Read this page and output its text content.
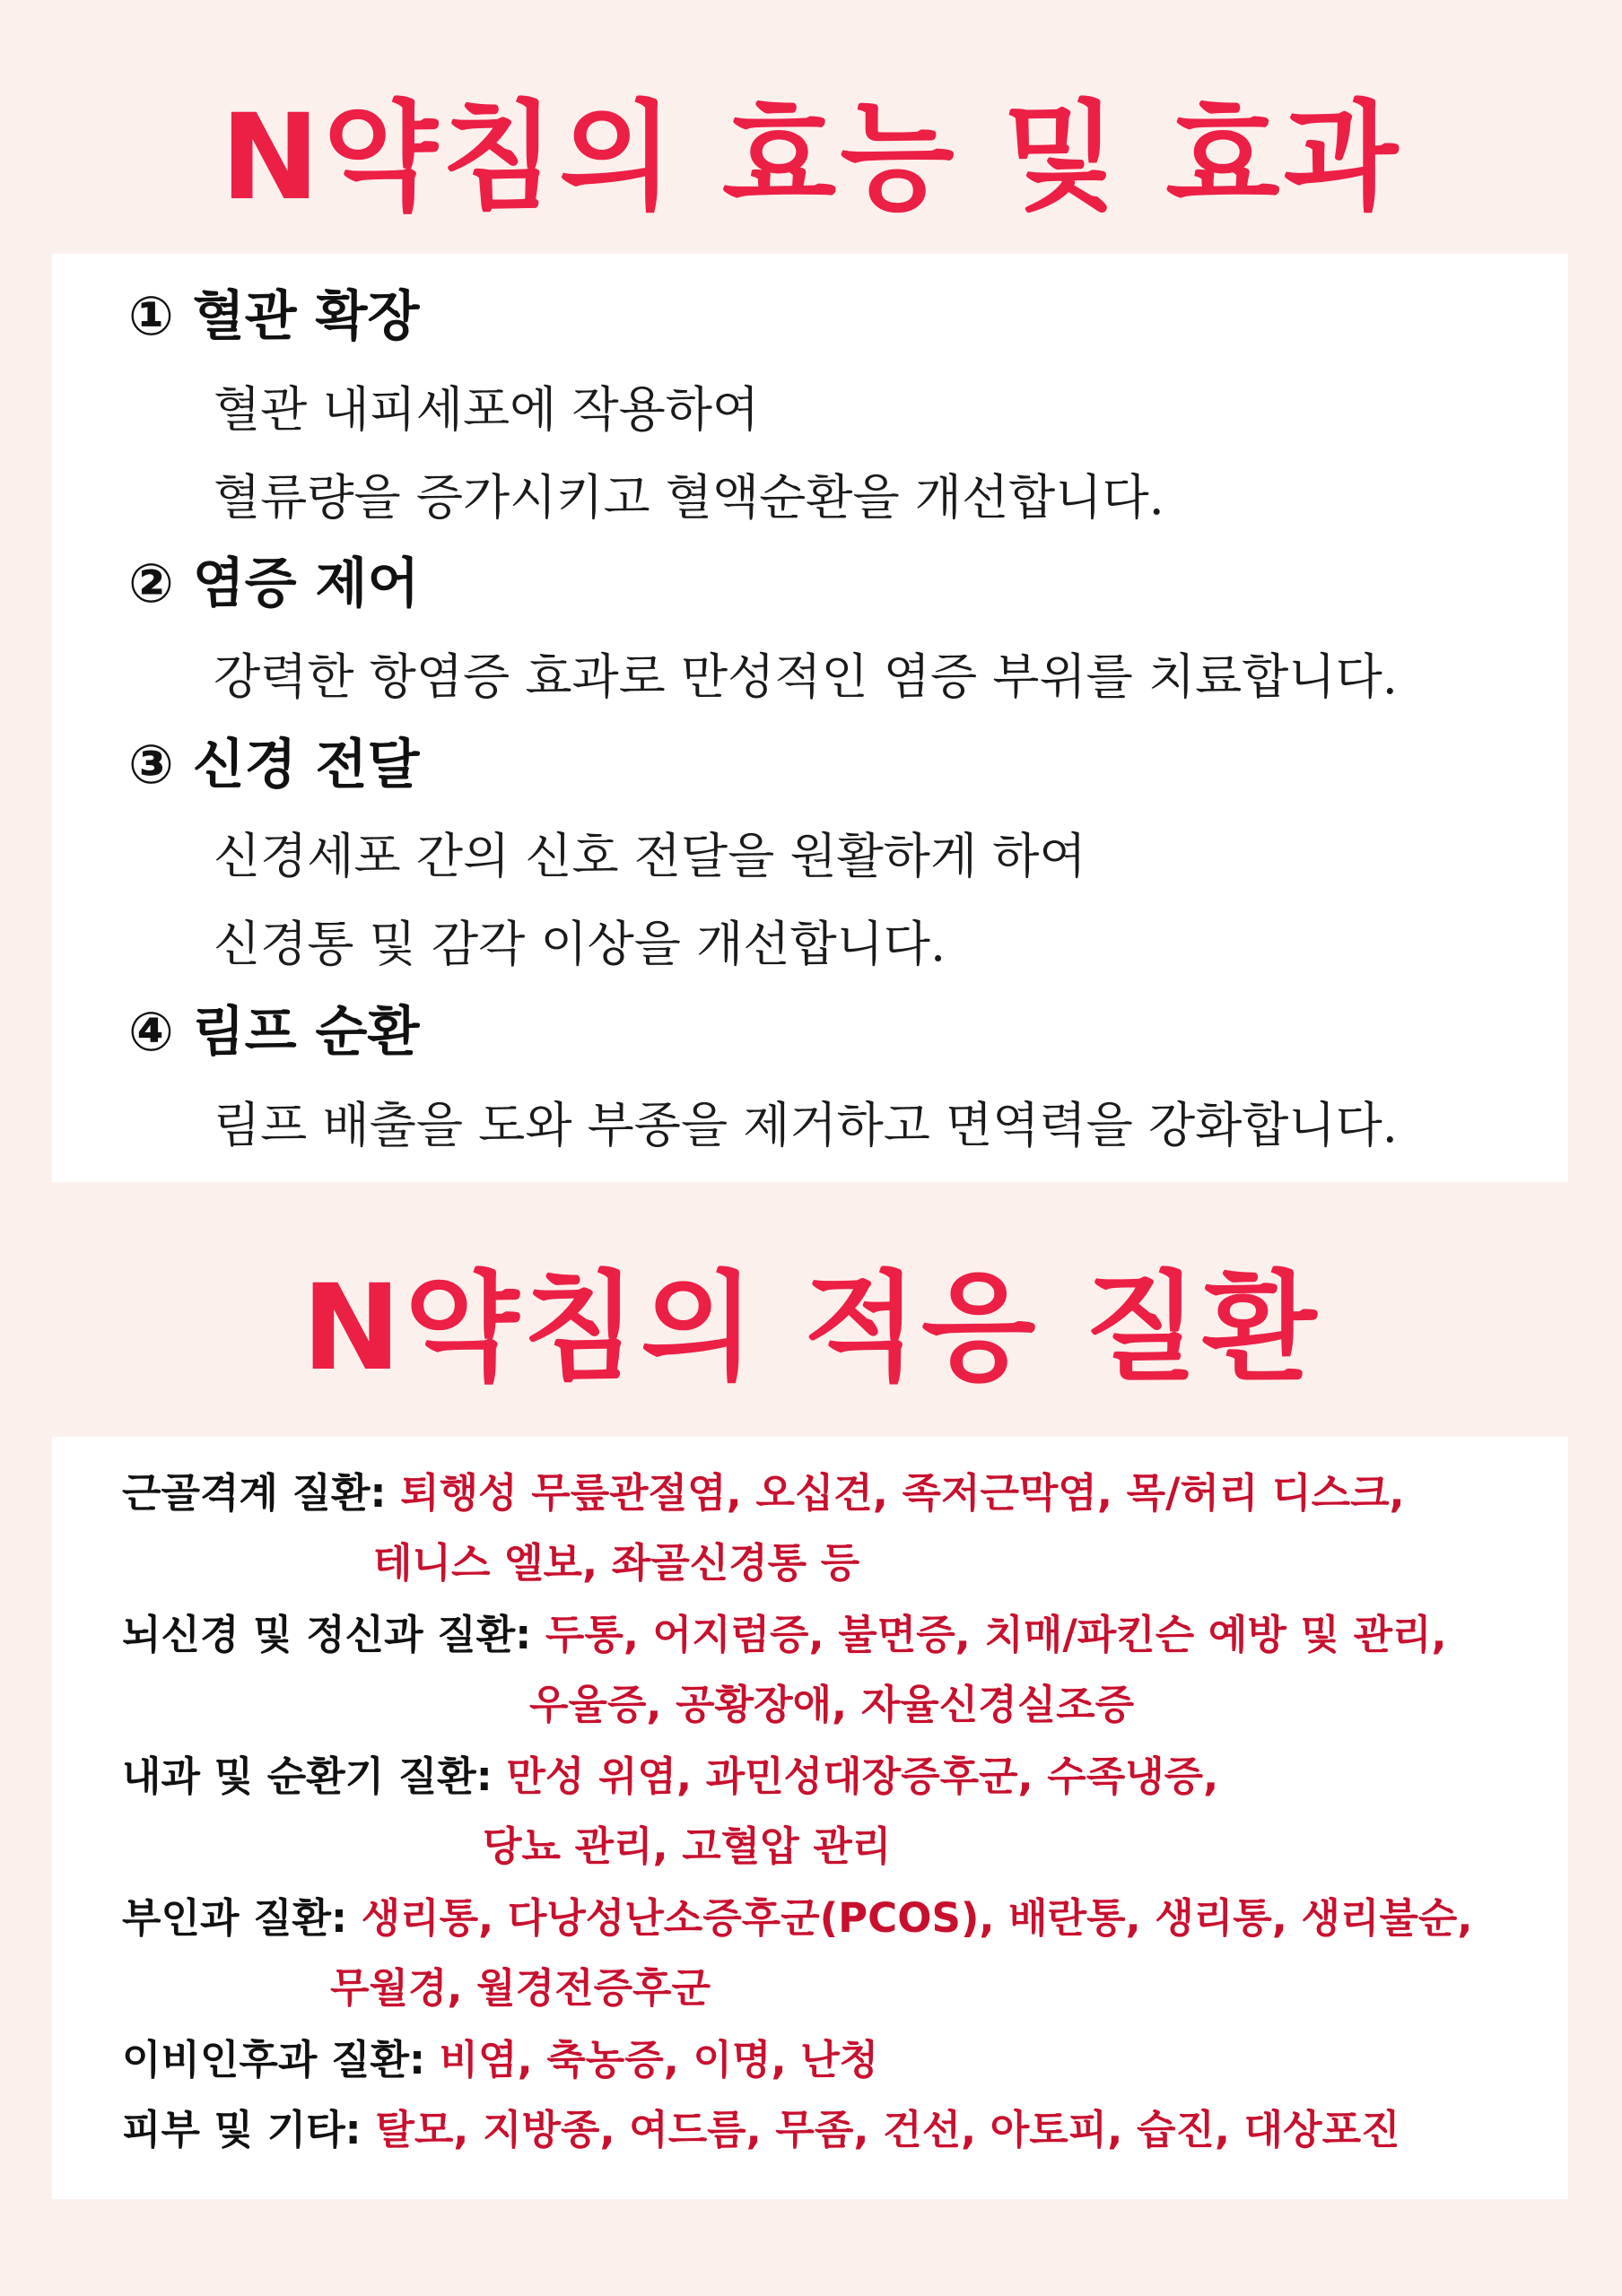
N약침의 효능 및 효과
① 혈관 확장
혈관 내피세포에 작용하여
혈류량을 증가시키고 혈액순환을 개선합니다.
② 염증 제어
강력한 항염증 효과로 만성적인 염증 부위를 치료합니다.
③ 신경 전달
신경세포 간의 신호 전달을 원활하게 하여
신경통 및 감각 이상을 개선합니다.
④ 림프 순환
림프 배출을 도와 부종을 제거하고 면역력을 강화합니다.
N약침의 적응 질환
근골격계 질환: 퇴행성 무릎관절염, 오십견, 족저근막염, 목/허리 디스크,
테니스 엘보, 좌골신경통 등
뇌신경 및 정신과 질환: 두통, 어지럼증, 불면증, 치매/파킨슨 예방 및 관리,
우울증, 공황장애, 자율신경실조증
내과 및 순환기 질환: 만성 위염, 과민성대장증후군, 수족냉증,
당뇨 관리, 고혈압 관리
부인과 질환: 생리통, 다낭성난소증후군(PCOS), 배란통, 생리통, 생리불순,
무월경, 월경전증후군
이비인후과 질환: 비염, 축농증, 이명, 난청
피부 및 기타: 탈모, 지방종, 여드름, 무좀, 건선, 아토피, 습진, 대상포진
